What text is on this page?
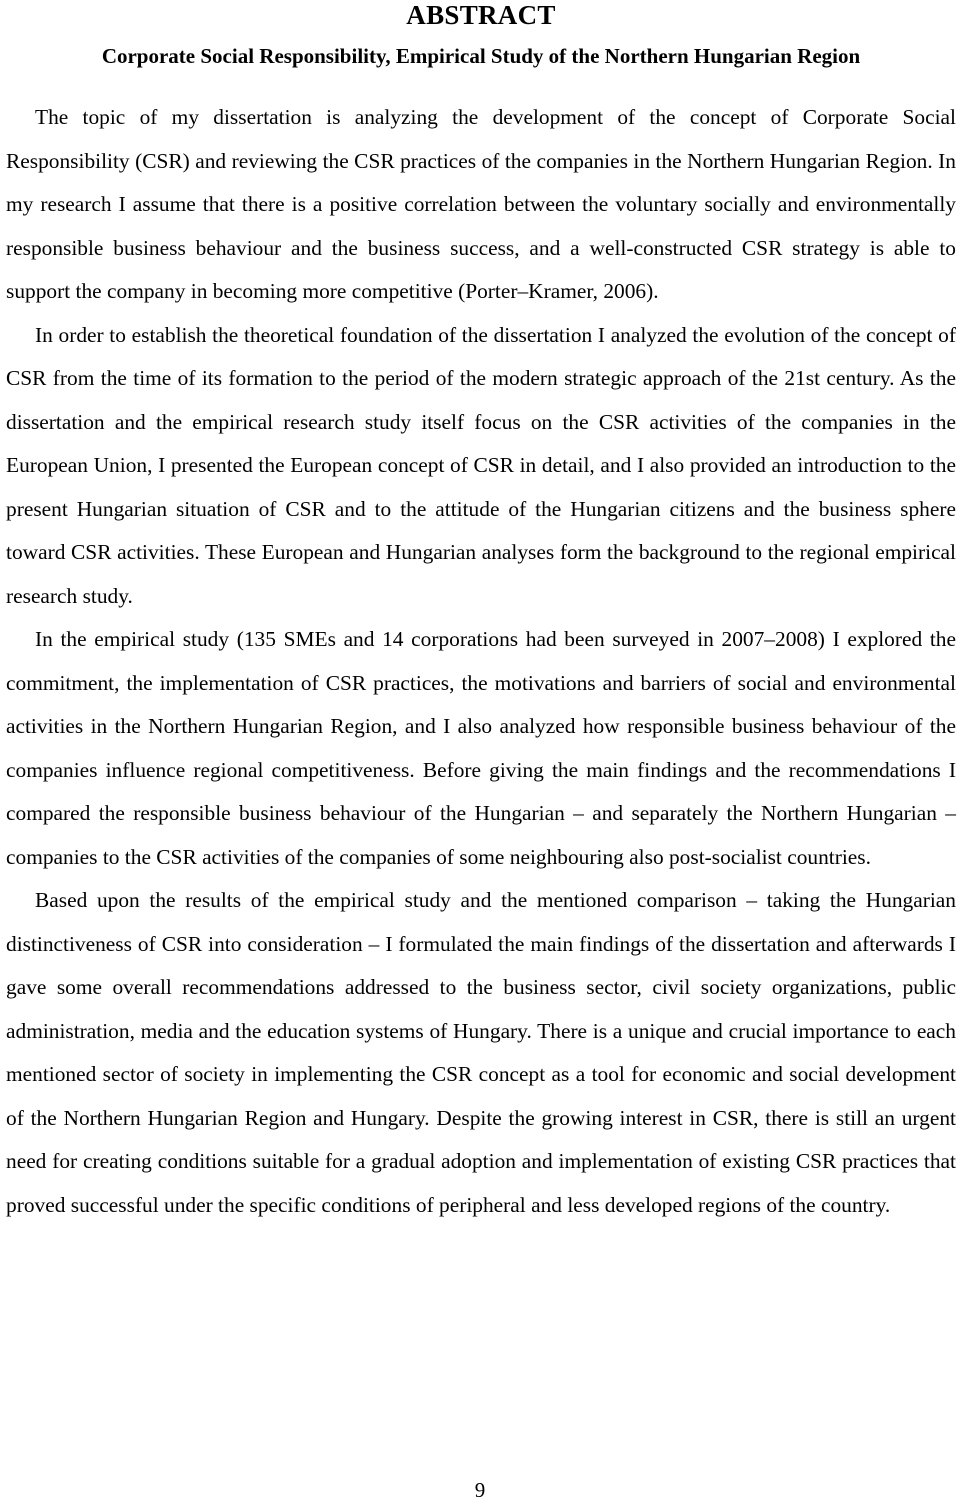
ABSTRACT
Corporate Social Responsibility, Empirical Study of the Northern Hungarian Region

The topic of my dissertation is analyzing the development of the concept of Corporate Social Responsibility (CSR) and reviewing the CSR practices of the companies in the Northern Hungarian Region. In my research I assume that there is a positive correlation between the voluntary socially and environmentally responsible business behaviour and the business success, and a well-constructed CSR strategy is able to support the company in becoming more competitive (Porter–Kramer, 2006).

In order to establish the theoretical foundation of the dissertation I analyzed the evolution of the concept of CSR from the time of its formation to the period of the modern strategic approach of the 21st century. As the dissertation and the empirical research study itself focus on the CSR activities of the companies in the European Union, I presented the European concept of CSR in detail, and I also provided an introduction to the present Hungarian situation of CSR and to the attitude of the Hungarian citizens and the business sphere toward CSR activities. These European and Hungarian analyses form the background to the regional empirical research study.

In the empirical study (135 SMEs and 14 corporations had been surveyed in 2007–2008) I explored the commitment, the implementation of CSR practices, the motivations and barriers of social and environmental activities in the Northern Hungarian Region, and I also analyzed how responsible business behaviour of the companies influence regional competitiveness. Before giving the main findings and the recommendations I compared the responsible business behaviour of the Hungarian – and separately the Northern Hungarian – companies to the CSR activities of the companies of some neighbouring also post-socialist countries.

Based upon the results of the empirical study and the mentioned comparison – taking the Hungarian distinctiveness of CSR into consideration – I formulated the main findings of the dissertation and afterwards I gave some overall recommendations addressed to the business sector, civil society organizations, public administration, media and the education systems of Hungary. There is a unique and crucial importance to each mentioned sector of society in implementing the CSR concept as a tool for economic and social development of the Northern Hungarian Region and Hungary. Despite the growing interest in CSR, there is still an urgent need for creating conditions suitable for a gradual adoption and implementation of existing CSR practices that proved successful under the specific conditions of peripheral and less developed regions of the country.

9
